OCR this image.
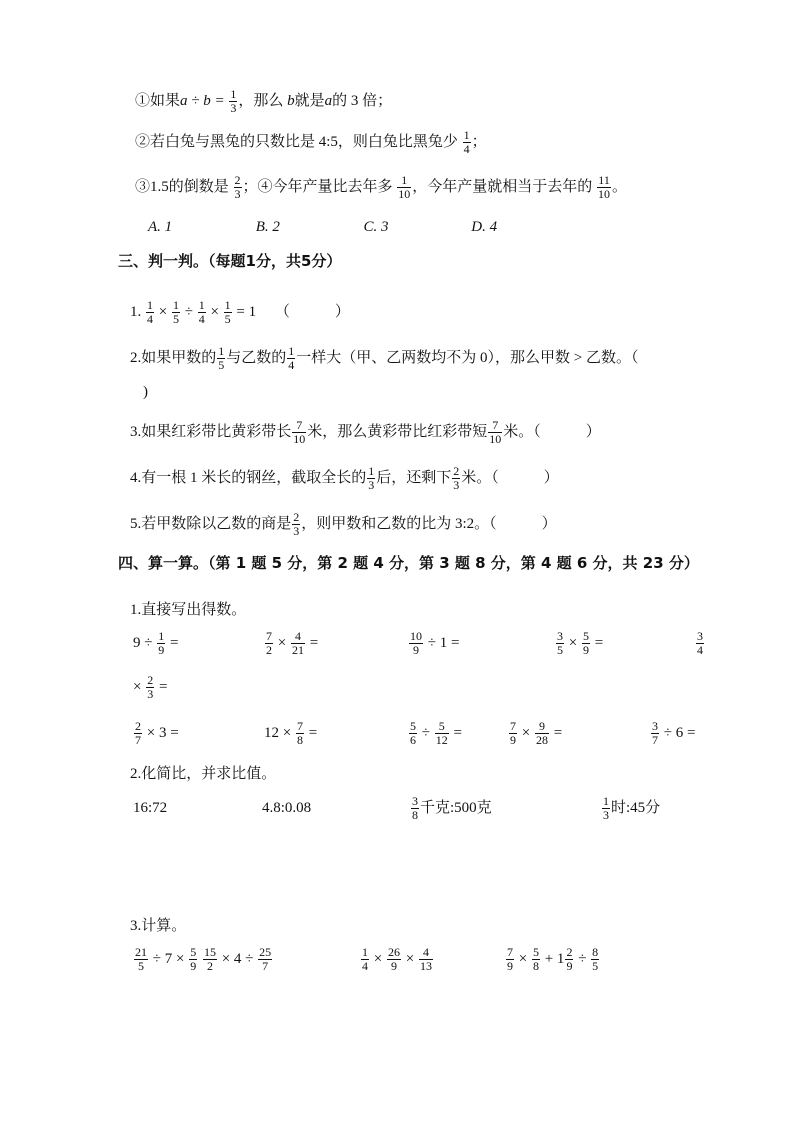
①如果$a \div b = \frac{1}{3}$ ，那么 b就是a的 3 倍；
②若白兔与黑兔的只数比是 4:5，则白兔比黑兔少 $\frac{1}{4}$ ；
③1.5的倒数是 $\frac{2}{3}$ ；④今年产量比去年多 $\frac{1}{10}$ ，今年产量就相当于去年的 $\frac{11}{10}$ 。
A. 1	B. 2	C. 3	D. 4
三、判一判。（每题1分，共5分）
1. $\frac{1}{4} \times \frac{1}{5} \div \frac{1}{4} \times \frac{1}{5} = 1$ （　　　）
2.如果甲数的 $\frac{1}{5}$ 与乙数的 $\frac{1}{4}$ 一样大（甲、乙两数均不为 0），那么甲数 > 乙数。（
)
3.如果红彩带比黄彩带长 $\frac{7}{10}$ 米，那么黄彩带比红彩带短 $\frac{7}{10}$ 米。（　　　）
4.有一根 1 米长的钢丝，截取全长的 $\frac{1}{3}$ 后，还剩下 $\frac{2}{3}$ 米。（　　　）
5.若甲数除以乙数的商是 $\frac{2}{3}$ ，则甲数和乙数的比为 3:2。（　　　）
四、算一算。（第 1 题 5 分，第 2 题 4 分，第 3 题 8 分，第 4 题 6 分，共 23 分）
1.直接写出得数。
$9 \div \frac{1}{9}$ =	$\frac{7}{2} \times \frac{4}{21}$ =	$\frac{10}{9} \div 1$ =	$\frac{3}{5} \times \frac{5}{9}$ =	$\frac{3}{4}$
× $\frac{2}{3}$ =
$\frac{2}{7} \times 3$ =	$12 \times \frac{7}{8}$ =	$\frac{5}{6} \div \frac{5}{12}$ =	$\frac{7}{9} \times \frac{9}{28}$ =	$\frac{3}{7} \div 6$ =
2.化简比，并求比值。
16:72	4.8:0.08	$\frac{3}{8}$ 千克:500克	$\frac{1}{3}$ 时:45分
3.计算。
$\frac{21}{5} \div 7 \times \frac{5}{9}$
$\frac{15}{2} \times 4 \div \frac{25}{7}$	$\frac{1}{4} \times \frac{26}{9} \times \frac{4}{13}$	$\frac{7}{9} \times \frac{5}{8} + 1 \frac{2}{9} \div \frac{8}{5}$
